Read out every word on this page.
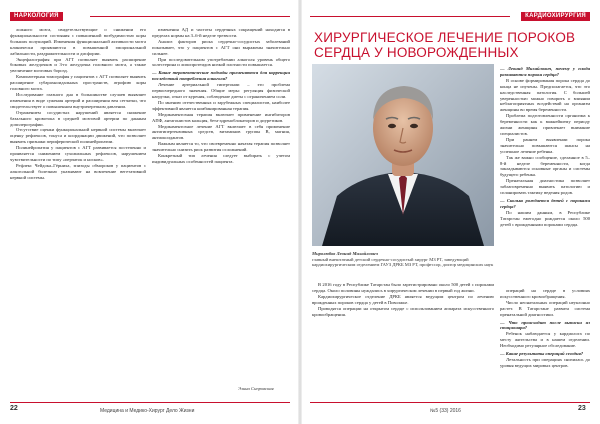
НАРКОЛОГИЯ

ложного мозга, свидетельствующие о снижении его функциональности состояния с повышенной возбудимостью коры больших полушарий. Изменения функциональной активности мозга клинически проявляются в повышенной эмоциональной лабильности, раздражительности и дисфории.

Энцефалография при АГТ позволяет выявить расширение боковых желудочков и 3-го желудочка головного мозга, а также увеличение мозговых борозд.

Компьютерная томография у пациентов с АГТ позволяет выявить расширение субарахноидальных пространств, атрофию коры головного мозга.

Исследование глазного дна в большинстве случаев выявляет изменения в виде сужения артерий и расширения вен сетчатки, что свидетельствует о повышенном внутричерепном давлении.

Отражением сосудистых нарушений является снижение базального кровотока в средней мозговой артерии по данным допплерографии.

Отсутствие оценки функциональной нервной системы включает оценку рефлексов, тонуса и координации движений, что позволяет выявить признаки периферической полинейропатии.

Полинейропатия у пациентов с АГТ развивается постепенно и проявляется снижением сухожильных рефлексов, нарушением чувствительности по типу «перчаток и носков».

Рефлекс Чейдока–Гёрниха, эпизоды обмороков у пациентов с алкогольной болезнью указывают на вовлечение вегетативной нервной системы.

изменения АД и частоты сердечных сокращений находятся в пределах нормы на 3–6-й неделе трезвости.

Анализ факторов риска сердечно-сосудистых заболеваний показывает, что у пациентов с АГТ они выражены значительно сильнее.

При последовательном употреблении алкоголя уровень общего холестерина и липопротеидов низкой плотности повышается.

— Какие терапевтические подходы применяются для коррекции последствий потребления алкоголя?

Лечение артериальной гипертонии – это проблема первоочередного значения. Общие меры: регуляция физической нагрузки, отказ от курения, соблюдение диеты с ограничением соли.

По мнению отечественных и зарубежных специалистов, наиболее эффективной является комбинированная терапия.

Медикаментозная терапия включает применение ингибиторов АПФ, антагонистов кальция, бета-адреноблокаторов и диуретиков.

Медикаментозное лечение АГТ включает в себя применение антигипертензивных средств, витаминов группы В, магния, антиоксидантов.

Важным является то, что своевременно начатая терапия позволяет значительно снизить риск развития осложнений.

Конкретный тип лечения следует выбирать с учетом индивидуальных особенностей пациента.

Элина Сипровская
22	Медицина и Медико-Хирург Дело Жизни
КАРДИОХИРУРГИЯ
ХИРУРГИЧЕСКОЕ ЛЕЧЕНИЕ ПОРОКОВ СЕРДЦА У НОВОРОЖДЕННЫХ
Миролюбов Леонид Михайлович
главный внештатный детский сердечно-сосудистый хирург МЗ РТ, заведующий кардиохирургическим отделением ГАУЗ ДРКБ МЗ РТ, профессор, доктор медицинских наук

В 2016 году в Республике Татарстан было зарегистрировано около 500 детей с пороками сердца. Около половины нуждались в хирургическом лечении в первый год жизни.

Кардиохирургическое отделение ДРКБ является ведущим центром по лечению врожденных пороков сердца у детей в Поволжье.

Проводятся операции на открытом сердце с использованием аппарата искусственного кровообращения.

— Леонид Михайлович, почему у плода развиваются пороки сердца?

В основе формирования порока сердца до конца не изучены. Предполагается, что это наследственная патология. С большей уверенностью можно говорить о влиянии неблагоприятных воздействий на организм женщины во время беременности.

Проблема подготовленности организма к беременности как к важнейшему периоду жизни женщины привлекает внимание специалистов.

При раннем выявлении порока значительно повышаются шансы на успешное лечение ребенка.

Так же важно сообщение, сделанное в 5–8-й неделе беременности, когда закладываются основные органы и системы будущего ребенка.

Пренатальная диагностика позволяет заблаговременно выявить патологию и спланировать тактику ведения родов.

— Сколько рождается детей с пороками сердца?

По нашим данным, в Республике Татарстан ежегодно рождается около 500 детей с врожденными пороками сердца.

операций на сердце в условиях искусственного кровообращения.

Число неонатальных операций неуклонно растет. В Татарстане развита система пренатальной диагностики.

— Что происходит после выписки из стационара?

Ребенок наблюдается у кардиолога по месту жительства и в нашем отделении. Необходимо регулярное обследование.

— Какие результаты операций сегодня?

Летальность при операциях снизилась до уровня ведущих мировых центров.

№5 (33) 2016	23
